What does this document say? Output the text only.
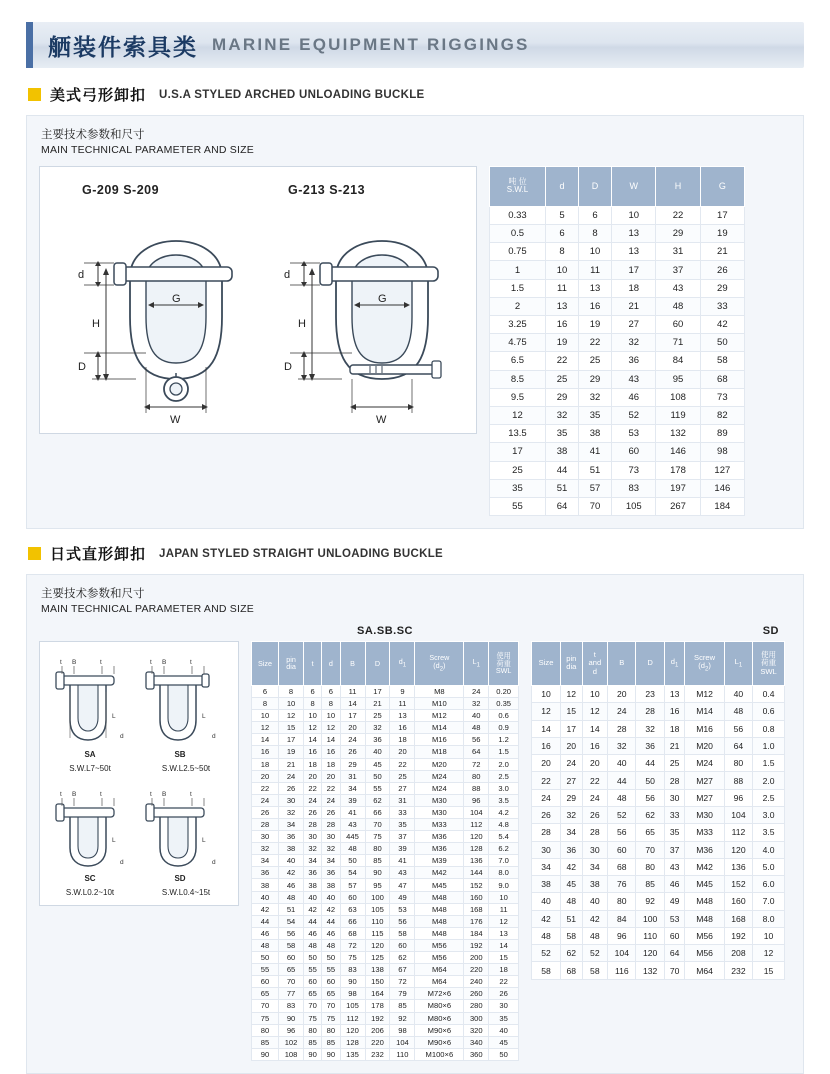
舾装件索具类 MARINE EQUIPMENT RIGGINGS
美式弓形卸扣 U.S.A STYLED ARCHED UNLOADING BUCKLE
主要技术参数和尺寸
MAIN TECHNICAL PARAMETER AND SIZE
G-209 S-209	G-213 S-213
d
G
H
D
W
d
G
H
D
W
吨 位
S.W.L	d	D	W	H	G
0.33	5	6	10	22	17
0.5	6	8	13	29	19
0.75	8	10	13	31	21
1	10	11	17	37	26
1.5	11	13	18	43	29
2	13	16	21	48	33
3.25	16	19	27	60	42
4.75	19	22	32	71	50
6.5	22	25	36	84	58
8.5	25	29	43	95	68
9.5	29	32	46	108	73
12	32	35	52	119	82
13.5	35	38	53	132	89
17	38	41	60	146	98
25	44	51	73	178	127
35	51	57	83	197	146
55	64	70	105	267	184
日式直形卸扣 JAPAN STYLED STRAIGHT UNLOADING BUCKLE
主要技术参数和尺寸
MAIN TECHNICAL PARAMETER AND SIZE

t B	t	t B	t
t B	t	t B	t
L	L
L	L
d	d
d	d
SA	SB
S.W.L7~50t	S.W.L2.5~50t
SC	SD
S.W.L0.2~10t	S.W.L0.4~15t
SA.SB.SC
Size	pin
dia	t	d	B	D	$d_1$	Screw
$(d_2)$	$L_1$	使用
荷重
SWL
6	8	6	6	11	17	9	M8	24	0.20
8	10	8	8	14	21	11	M10	32	0.35
10	12	10	10	17	25	13	M12	40	0.6
12	15	12	12	20	32	16	M14	48	0.9
14	17	14	14	24	36	18	M16	56	1.2
16	19	16	16	26	40	20	M18	64	1.5
18	21	18	18	29	45	22	M20	72	2.0
20	24	20	20	31	50	25	M24	80	2.5
22	26	22	22	34	55	27	M24	88	3.0
24	30	24	24	39	62	31	M30	96	3.5
26	32	26	26	41	66	33	M30	104	4.2
28	34	28	28	43	70	35	M33	112	4.8
30	36	30	30	445	75	37	M36	120	5.4
32	38	32	32	48	80	39	M36	128	6.2
34	40	34	34	50	85	41	M39	136	7.0
36	42	36	36	54	90	43	M42	144	8.0
38	46	38	38	57	95	47	M45	152	9.0
40	48	40	40	60	100	49	M48	160	10
42	51	42	42	63	105	53	M48	168	11
44	54	44	44	66	110	56	M48	176	12
46	56	46	46	68	115	58	M48	184	13
48	58	48	48	72	120	60	M56	192	14
50	60	50	50	75	125	62	M56	200	15
55	65	55	55	83	138	67	M64	220	18
60	70	60	60	90	150	72	M64	240	22
65	77	65	65	98	164	79	M72×6	260	26
70	83	70	70	105	178	85	M80×6	280	30
75	90	75	75	112	192	92	M80×6	300	35
80	96	80	80	120	206	98	M90×6	320	40
85	102	85	85	128	220	104	M90×6	340	45
90	108	90	90	135	232	110	M100×6	360	50
SD
Size	pin
dia	t
and
d	B	D	$d_1$	Screw
$(d_2)$	$L_1$	使用
荷重
SWL
10	12	10	20	23	13	M12	40	0.4
12	15	12	24	28	16	M14	48	0.6
14	17	14	28	32	18	M16	56	0.8
16	20	16	32	36	21	M20	64	1.0
20	24	20	40	44	25	M24	80	1.5
22	27	22	44	50	28	M27	88	2.0
24	29	24	48	56	30	M27	96	2.5
26	32	26	52	62	33	M30	104	3.0
28	34	28	56	65	35	M33	112	3.5
30	36	30	60	70	37	M36	120	4.0
34	42	34	68	80	43	M42	136	5.0
38	45	38	76	85	46	M45	152	6.0
40	48	40	80	92	49	M48	160	7.0
42	51	42	84	100	53	M48	168	8.0
48	58	48	96	110	60	M56	192	10
52	62	52	104	120	64	M56	208	12
58	68	58	116	132	70	M64	232	15
